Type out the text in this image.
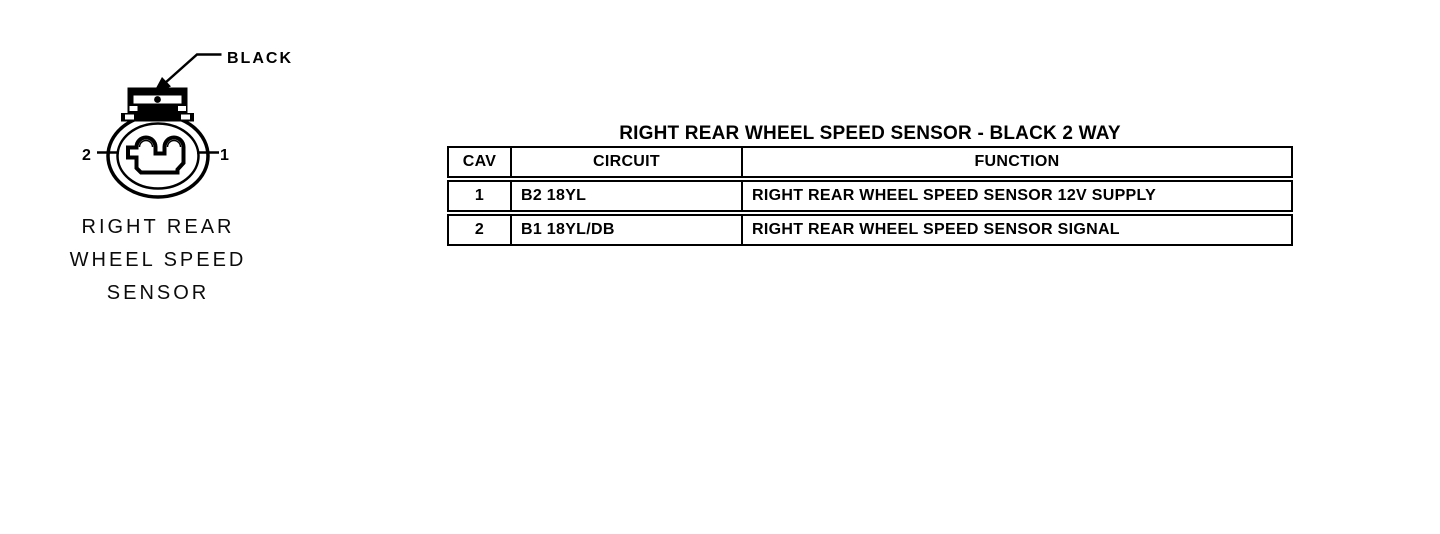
BLACK
2	1
RIGHT REAR
WHEEL SPEED
SENSOR
RIGHT REAR WHEEL SPEED SENSOR - BLACK 2 WAY
CAV	CIRCUIT	FUNCTION
1	B2 18YL	RIGHT REAR WHEEL SPEED SENSOR 12V SUPPLY
2	B1 18YL/DB	RIGHT REAR WHEEL SPEED SENSOR SIGNAL
